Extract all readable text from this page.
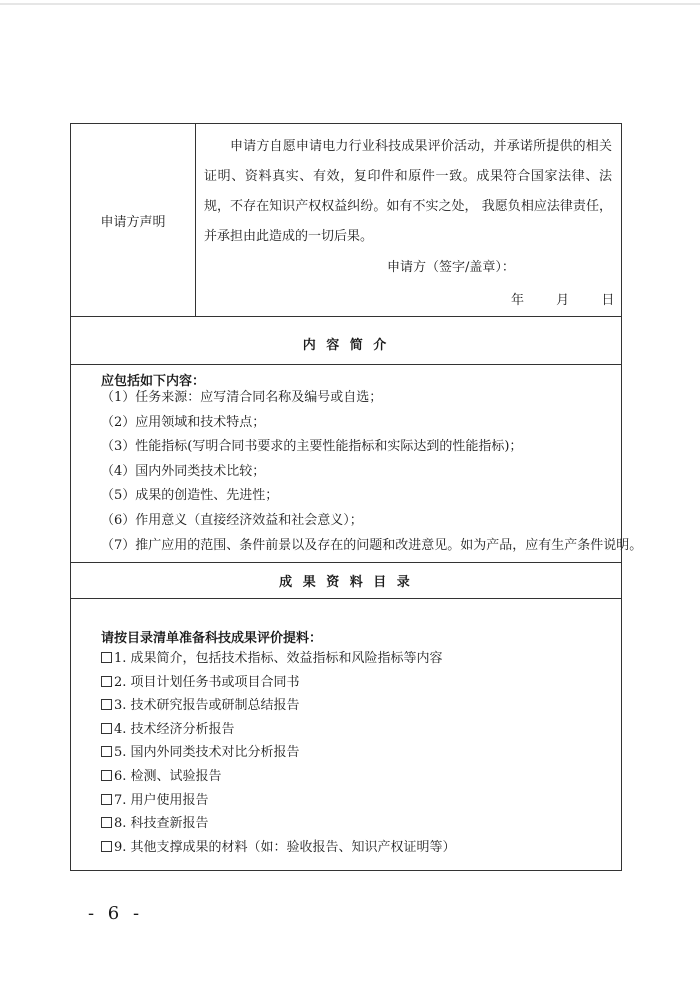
申请方声明
申请方自愿申请电力行业科技成果评价活动，并承诺所提供的相关证明、资料真实、有效，复印件和原件一致。成果符合国家法律、法规，不存在知识产权权益纠纷。如有不实之处， 我愿负相应法律责任，并承担由此造成的一切后果。
申请方（签字/盖章）：
年 月 日
内 容 简 介
应包括如下内容：
（1）任务来源：应写清合同名称及编号或自选；
（2）应用领域和技术特点；
（3）性能指标(写明合同书要求的主要性能指标和实际达到的性能指标)；
（4）国内外同类技术比较；
（5）成果的创造性、先进性；
（6）作用意义（直接经济效益和社会意义）；
（7）推广应用的范围、条件前景以及存在的问题和改进意见。如为产品，应有生产条件说明。
成 果 资 料 目 录
请按目录清单准备科技成果评价提料：
1. 成果简介，包括技术指标、效益指标和风险指标等内容
2. 项目计划任务书或项目合同书
3. 技术研究报告或研制总结报告
4. 技术经济分析报告
5. 国内外同类技术对比分析报告
6. 检测、试验报告
7. 用户使用报告
8. 科技查新报告
9. 其他支撑成果的材料（如：验收报告、知识产权证明等）
- 6 -
